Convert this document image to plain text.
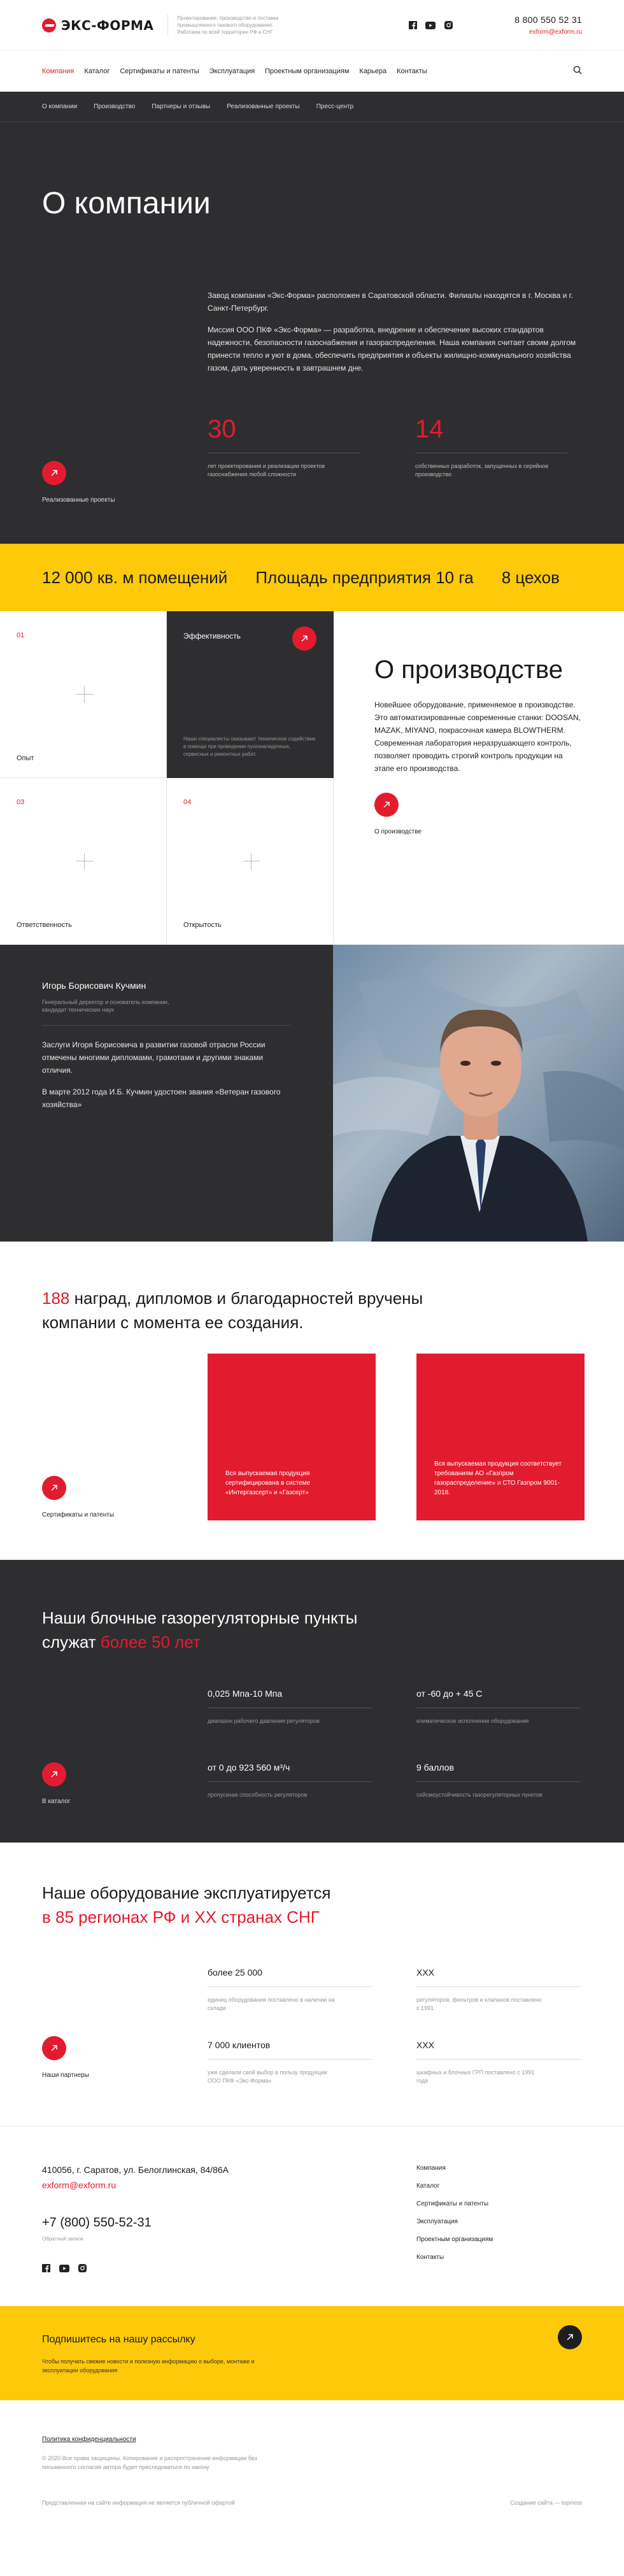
ЭКС-ФОРМА	Проектирование, производство и поставка промышленного газового оборудования. Работаем по всей территории РФ и СНГ
8 800 550 52 31
exform@exform.ru
Компания Каталог Сертификаты и патенты Эксплуатация Проектным организациям Карьера Контакты
О компании	Производство	Партнеры и отзывы	Реализованные проекты	Пресс-центр
О компании

Завод компании «Экс-Форма» расположен в Саратовской области. Филиалы находятся в г. Москва и г. Санкт-Петербург.

Миссия ООО ПКФ «Экс-Форма» — разработка, внедрение и обеспечение высоких стандартов надежности, безопасности газоснабжения и газораспределения. Наша компания считает своим долгом принести тепло и уют в дома, обеспечить предприятия и объекты жилищно-коммунального хозяйства газом, дать уверенность в завтрашнем дне.

30
лет проектирования и реализации проектов газоснабжения любой сложности
14
собственных разработок, запущенных в серийное производство
Реализованные проекты
12 000 кв. м помещений Площадь предприятия 10 га 8 цехов
01
Опыт
Эффективность
Наши специалисты оказывают техническое содействие в помощи при проведении пусконаладочных, сервисных и ремонтных работ.
03
Ответственность
04
Открытость
О производстве

Новейшее оборудование, применяемое в производстве. Это автоматизированные современные станки: DOOSAN, MAZAK, MIYANO, покрасочная камера BLOWTHERM. Современная лаборатория неразрушающего контроль, позволяет проводить строгий контроль продукции на этапе его производства.

О производстве
Игорь Борисович Кучмин
Генеральный директор и основатель компании, кандидат технических наук

Заслуги Игоря Борисовича в развитии газовой отрасли России отмечены многими дипломами, грамотами и другими знаками отличия.

В марте 2012 года И.Б. Кучмин удостоен звания «Ветеран газового хозяйства»

188 наград, дипломов и благодарностей вручены компании с момента ее создания.
Вся выпускаемая продукция сертифицирована в системе «Интергазсерт» и «Газсерт»
Вся выпускаемая продукция соответствует требованиям АО «Газпром газораспределение» и СТО Газпром 9001-2018.
Сертификаты и патенты
Наши блочные газорегуляторные пункты служат более 50 лет
0,025 Мпа-10 Мпа
диапазон рабочего давления регуляторов
от -60 до + 45 С
климатическое исполнение оборудования
от 0 до 923 560 м³/ч
пропускная способность регуляторов
9 баллов
сейсмоустойчивость газорегуляторных пунктов
В каталог
Наше оборудование эксплуатируется
в 85 регионах РФ и ХХ странах СНГ
более 25 000
единиц оборудования поставлено в наличии на складе
XXX
регуляторов, фильтров и клапанов поставлено с 1991
7 000 клиентов
уже сделали свой выбор в пользу продукции ООО ПКФ «Экс-Форма»
XXX
шкафных и блочных ГРП поставлено с 1991 года
Наши партнеры
410056, г. Саратов, ул. Белоглинская, 84/86А
exform@exform.ru
+7 (800) 550-52-31
Обратный звонок
Компания
Каталог
Сертификаты и патенты
Эксплуатация
Проектным организациям
Контакты
Подпишитесь на нашу рассылку
Чтобы получать свежие новости и полезную информацию о выборе, монтаже и эксплуатации оборудования
Политика конфиденциальности
© 2020 Все права защищены. Копирование и распространение информации без письменного согласия автора будет преследоваться по закону.
Представленная на сайте информация не является публичной офертой	Создание сайта — topmost
